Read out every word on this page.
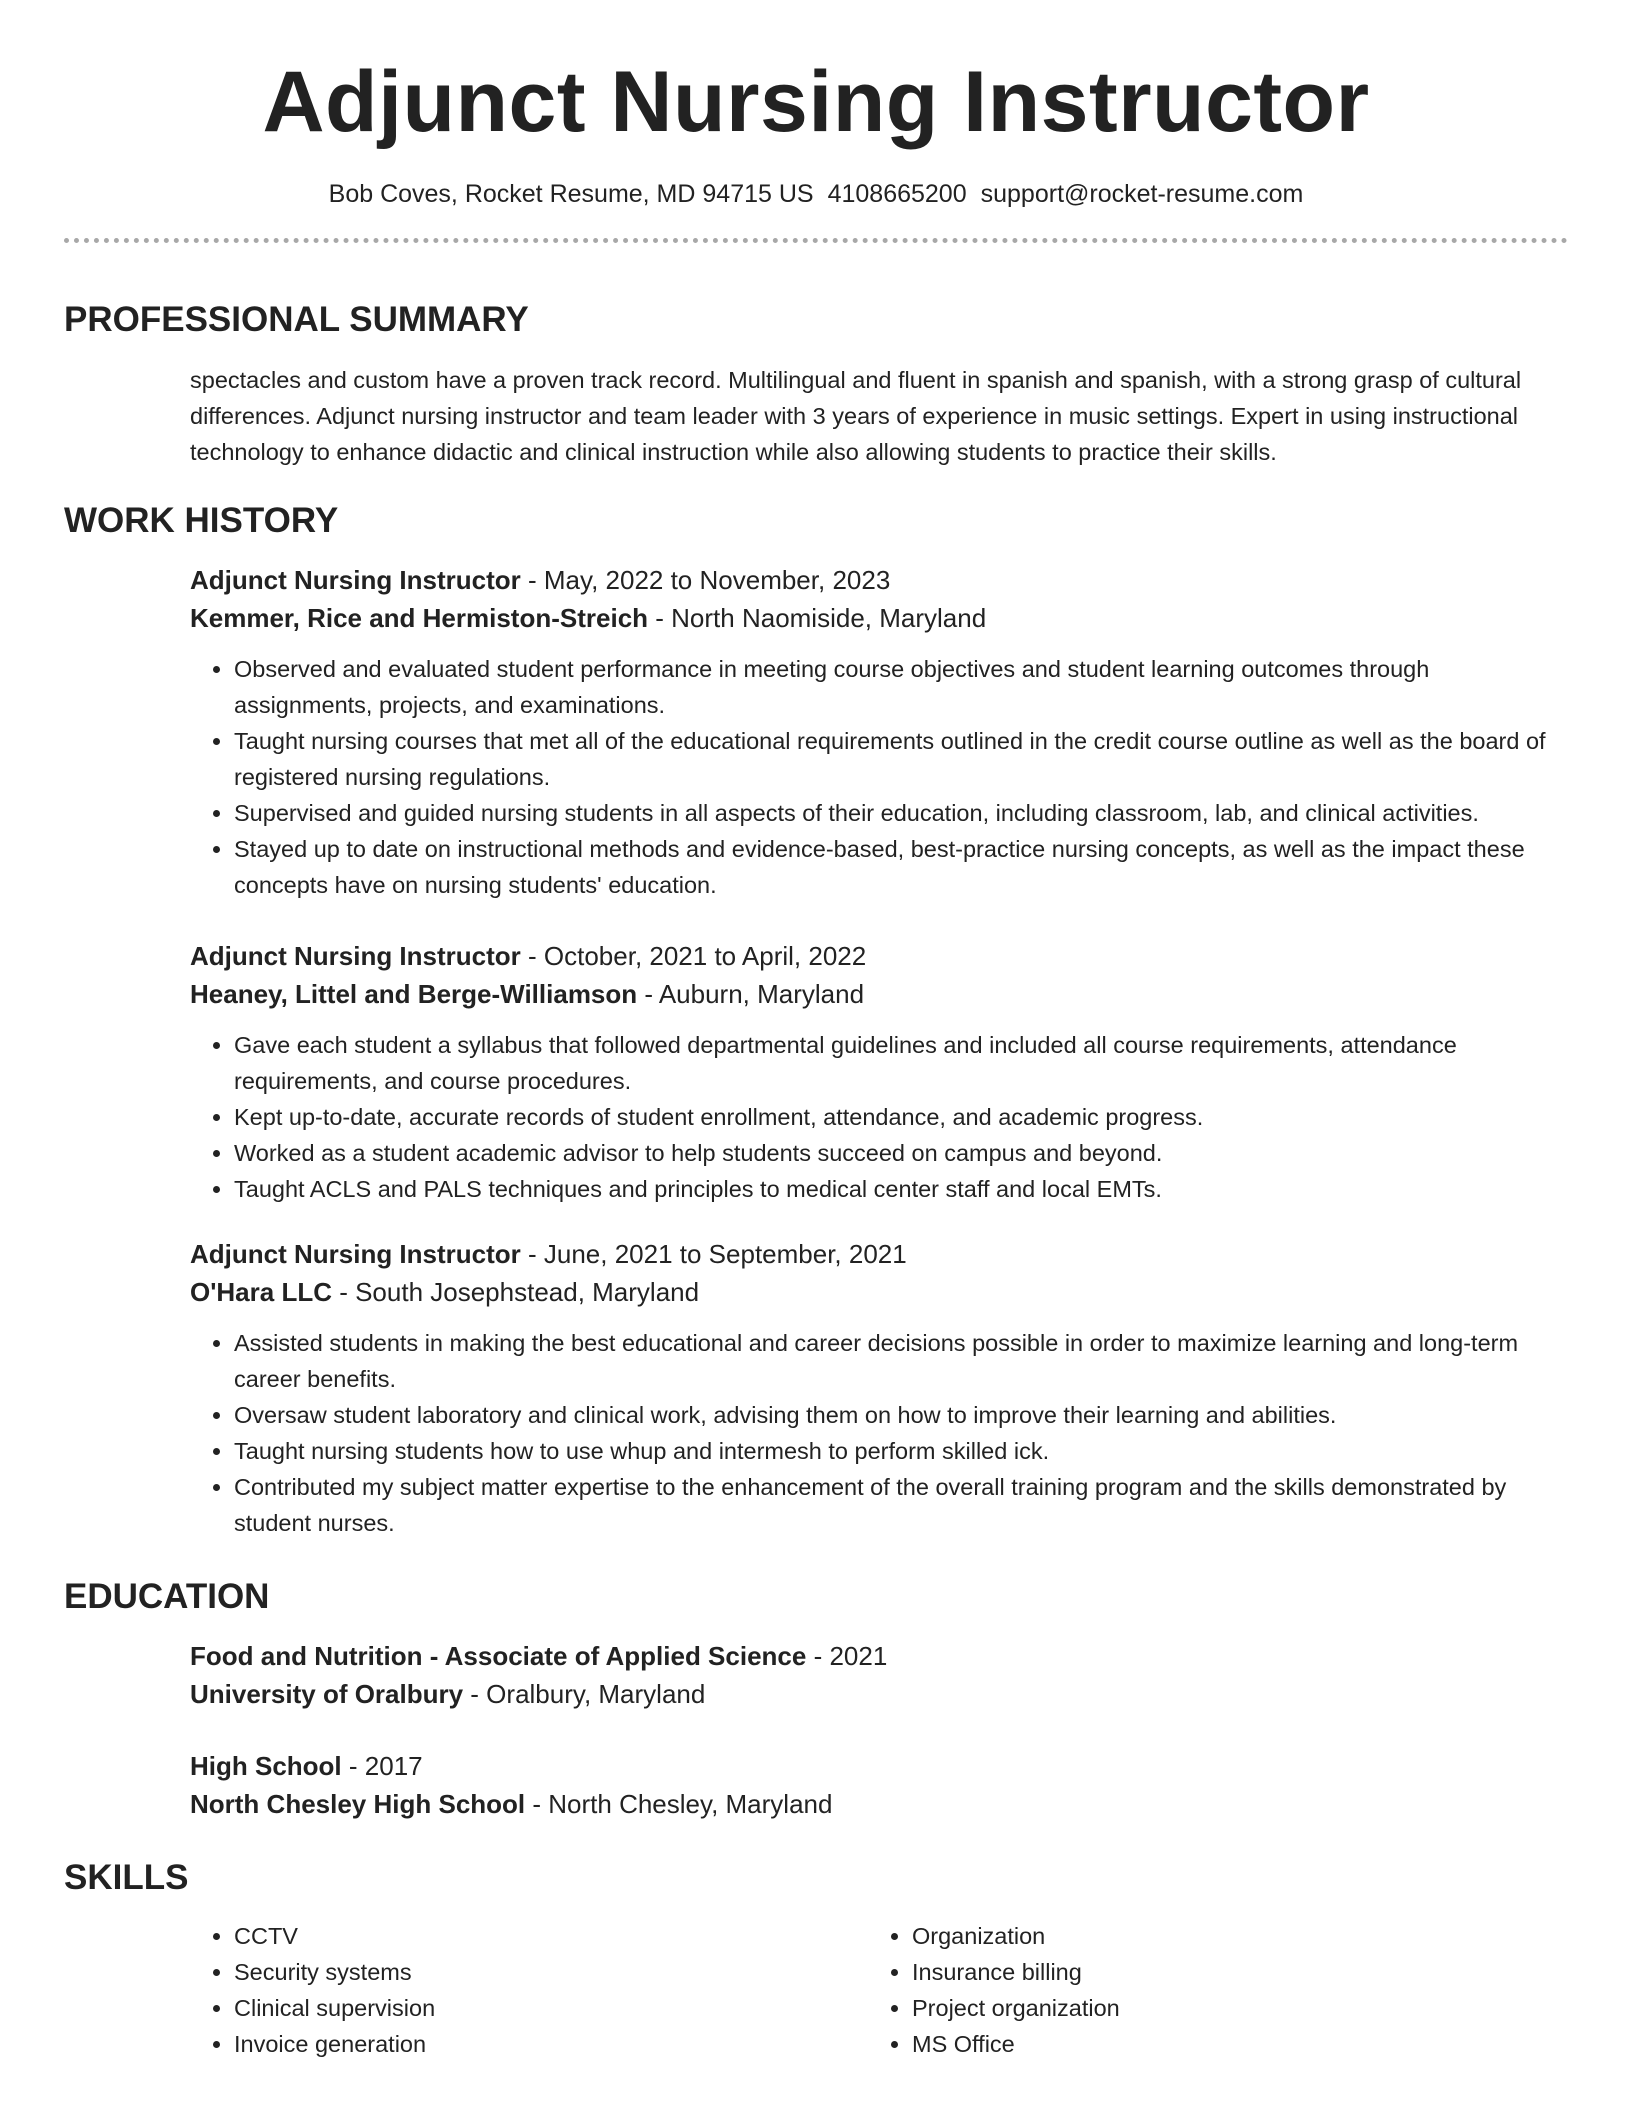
Adjunct Nursing Instructor
Bob Coves, Rocket Resume, MD 94715 US 4108665200 support@rocket-resume.com
PROFESSIONAL SUMMARY
spectacles and custom have a proven track record. Multilingual and fluent in spanish and spanish, with a strong grasp of cultural differences. Adjunct nursing instructor and team leader with 3 years of experience in music settings. Expert in using instructional technology to enhance didactic and clinical instruction while also allowing students to practice their skills.
WORK HISTORY
Adjunct Nursing Instructor - May, 2022 to November, 2023
Kemmer, Rice and Hermiston-Streich - North Naomiside, Maryland
• Observed and evaluated student performance in meeting course objectives and student learning outcomes through assignments, projects, and examinations.
• Taught nursing courses that met all of the educational requirements outlined in the credit course outline as well as the board of registered nursing regulations.
• Supervised and guided nursing students in all aspects of their education, including classroom, lab, and clinical activities.
• Stayed up to date on instructional methods and evidence-based, best-practice nursing concepts, as well as the impact these concepts have on nursing students' education.
Adjunct Nursing Instructor - October, 2021 to April, 2022
Heaney, Littel and Berge-Williamson - Auburn, Maryland
• Gave each student a syllabus that followed departmental guidelines and included all course requirements, attendance requirements, and course procedures.
• Kept up-to-date, accurate records of student enrollment, attendance, and academic progress.
• Worked as a student academic advisor to help students succeed on campus and beyond.
• Taught ACLS and PALS techniques and principles to medical center staff and local EMTs.
Adjunct Nursing Instructor - June, 2021 to September, 2021
O'Hara LLC - South Josephstead, Maryland
• Assisted students in making the best educational and career decisions possible in order to maximize learning and long-term career benefits.
• Oversaw student laboratory and clinical work, advising them on how to improve their learning and abilities.
• Taught nursing students how to use whup and intermesh to perform skilled ick.
• Contributed my subject matter expertise to the enhancement of the overall training program and the skills demonstrated by student nurses.
EDUCATION
Food and Nutrition - Associate of Applied Science - 2021
University of Oralbury - Oralbury, Maryland
High School - 2017
North Chesley High School - North Chesley, Maryland
SKILLS
• CCTV
• Security systems
• Clinical supervision
• Invoice generation
• Organization
• Insurance billing
• Project organization
• MS Office
